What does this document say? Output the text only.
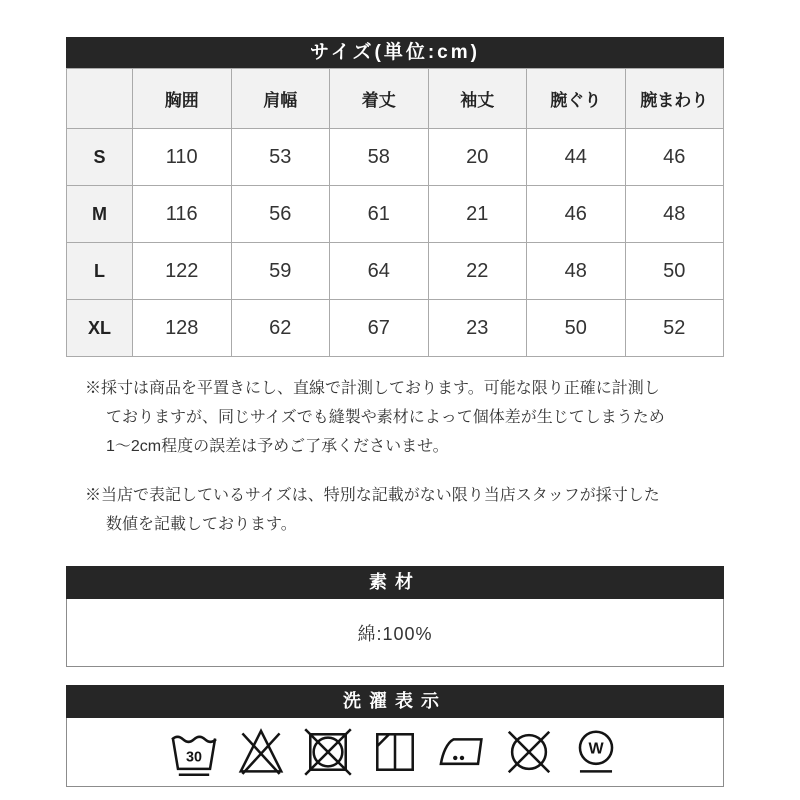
サイズ(単位:cm)
	胸囲	肩幅	着丈	袖丈	腕ぐり	腕まわり
S	110	53	58	20	44	46
M	116	56	61	21	46	48
L	122	59	64	22	48	50
XL	128	62	67	23	50	52
※採寸は商品を平置きにし、直線で計測しております。可能な限り正確に計測し
ておりますが、同じサイズでも縫製や素材によって個体差が生じてしまうため
1〜2cm程度の誤差は予めご了承くださいませ。
※当店で表記しているサイズは、特別な記載がない限り当店スタッフが採寸した
数値を記載しております。
素材
綿:100%
洗濯表示
30	W
